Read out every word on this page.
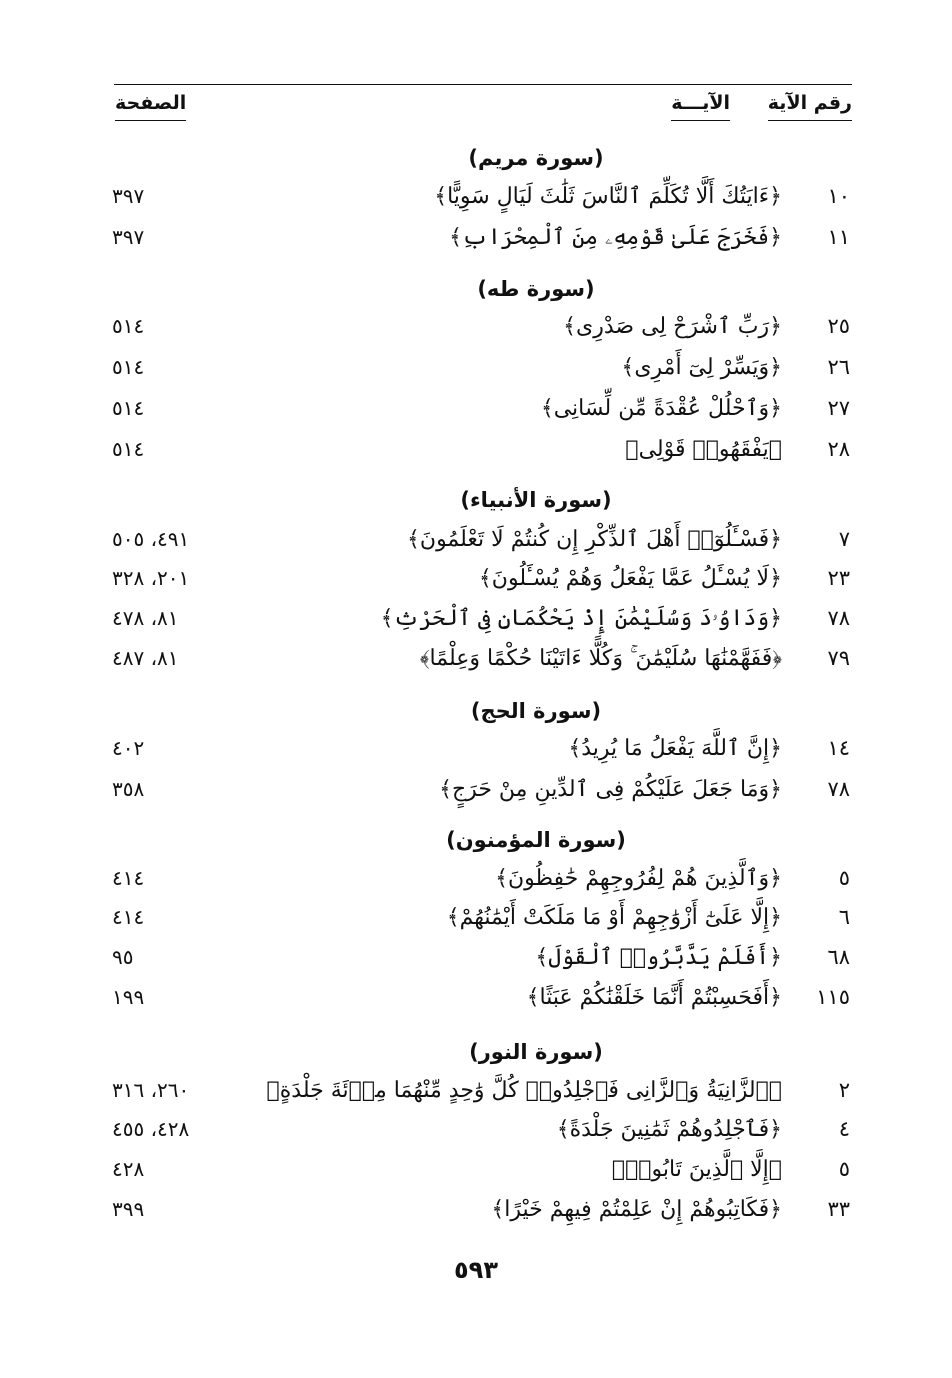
رقم الآية
الآيـــة
الصفحة
(سورة مريم)
١٠
﴿ءَايَتُكَ أَلَّا تُكَلِّمَ ٱلنَّاسَ ثَلَٰثَ لَيَالٍ سَوِيًّا﴾
٣٩٧
١١
﴿فَخَرَجَ عَلَىٰ قَوْمِهِۦ مِنَ ٱلْمِحْرَابِ﴾
٣٩٧
(سورة طه)
٢٥
﴿رَبِّ ٱشْرَحْ لِى صَدْرِى﴾
٥١٤
٢٦
﴿وَيَسِّرْ لِىٓ أَمْرِى﴾
٥١٤
٢٧
﴿وَٱحْلُلْ عُقْدَةً مِّن لِّسَانِى﴾
٥١٤
٢٨
﴿يَفْقَهُوا۟ قَوْلِى﴾
٥١٤
(سورة الأنبياء)
٧
﴿فَسْـَٔلُوٓا۟ أَهْلَ ٱلذِّكْرِ إِن كُنتُمْ لَا تَعْلَمُونَ﴾
٤٩١، ٥٠٥
٢٣
﴿لَا يُسْـَٔلُ عَمَّا يَفْعَلُ وَهُمْ يُسْـَٔلُونَ﴾
٢٠١، ٣٢٨
٧٨
﴿وَدَاوُۥدَ وَسُلَيْمَٰنَ إِذْ يَحْكُمَانِ فِى ٱلْحَرْثِ﴾
٨١، ٤٧٨
٧٩
﴿فَفَهَّمْنَٰهَا سُلَيْمَٰنَ ۚ وَكُلًّا ءَاتَيْنَا حُكْمًا وَعِلْمًا﴾
٨١، ٤٨٧
(سورة الحج)
١٤
﴿إِنَّ ٱللَّهَ يَفْعَلُ مَا يُرِيدُ﴾
٤٠٢
٧٨
﴿وَمَا جَعَلَ عَلَيْكُمْ فِى ٱلدِّينِ مِنْ حَرَجٍ﴾
٣٥٨
(سورة المؤمنون)
٥
﴿وَٱلَّذِينَ هُمْ لِفُرُوجِهِمْ حَٰفِظُونَ﴾
٤١٤
٦
﴿إِلَّا عَلَىٰٓ أَزْوَٰجِهِمْ أَوْ مَا مَلَكَتْ أَيْمَٰنُهُمْ﴾
٤١٤
٦٨
﴿أَفَلَمْ يَدَّبَّرُوا۟ ٱلْقَوْلَ﴾
٩٥
١١٥
﴿أَفَحَسِبْتُمْ أَنَّمَا خَلَقْنَٰكُمْ عَبَثًا﴾
١٩٩
(سورة النور)
٢
﴿ٱلزَّانِيَةُ وَٱلزَّانِى فَٱجْلِدُوا۟ كُلَّ وَٰحِدٍ مِّنْهُمَا مِا۟ئَةَ جَلْدَةٍ﴾
٢٦٠، ٣١٦
٤
﴿فَٱجْلِدُوهُمْ ثَمَٰنِينَ جَلْدَةً﴾
٤٢٨، ٤٥٥
٥
﴿إِلَّا ٱلَّذِينَ تَابُوا۟﴾
٤٢٨
٣٣
﴿فَكَاتِبُوهُمْ إِنْ عَلِمْتُمْ فِيهِمْ خَيْرًا﴾
٣٩٩
٥٩٣
